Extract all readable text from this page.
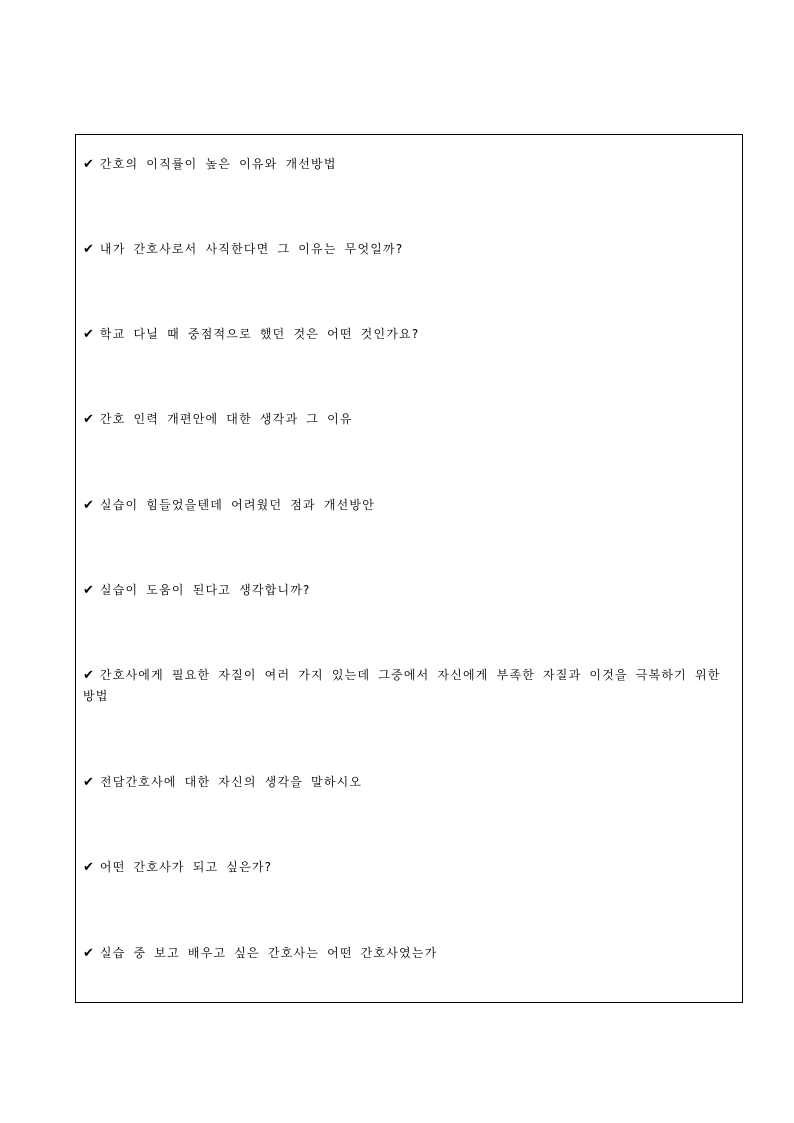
✔ 간호의 이직률이 높은 이유와 개선방법
✔ 내가 간호사로서 사직한다면 그 이유는 무엇일까?
✔ 학교 다닐 때 중점적으로 했던 것은 어떤 것인가요?
✔ 간호 인력 개편안에 대한 생각과 그 이유
✔ 실습이 힘들었을텐데 어려웠던 점과 개선방안
✔ 실습이 도움이 된다고 생각합니까?
✔ 간호사에게 필요한 자질이 여러 가지 있는데 그중에서 자신에게 부족한 자질과 이것을 극복하기 위한 방법
✔ 전담간호사에 대한 자신의 생각을 말하시오
✔ 어떤 간호사가 되고 싶은가?
✔ 실습 중 보고 배우고 싶은 간호사는 어떤 간호사였는가
